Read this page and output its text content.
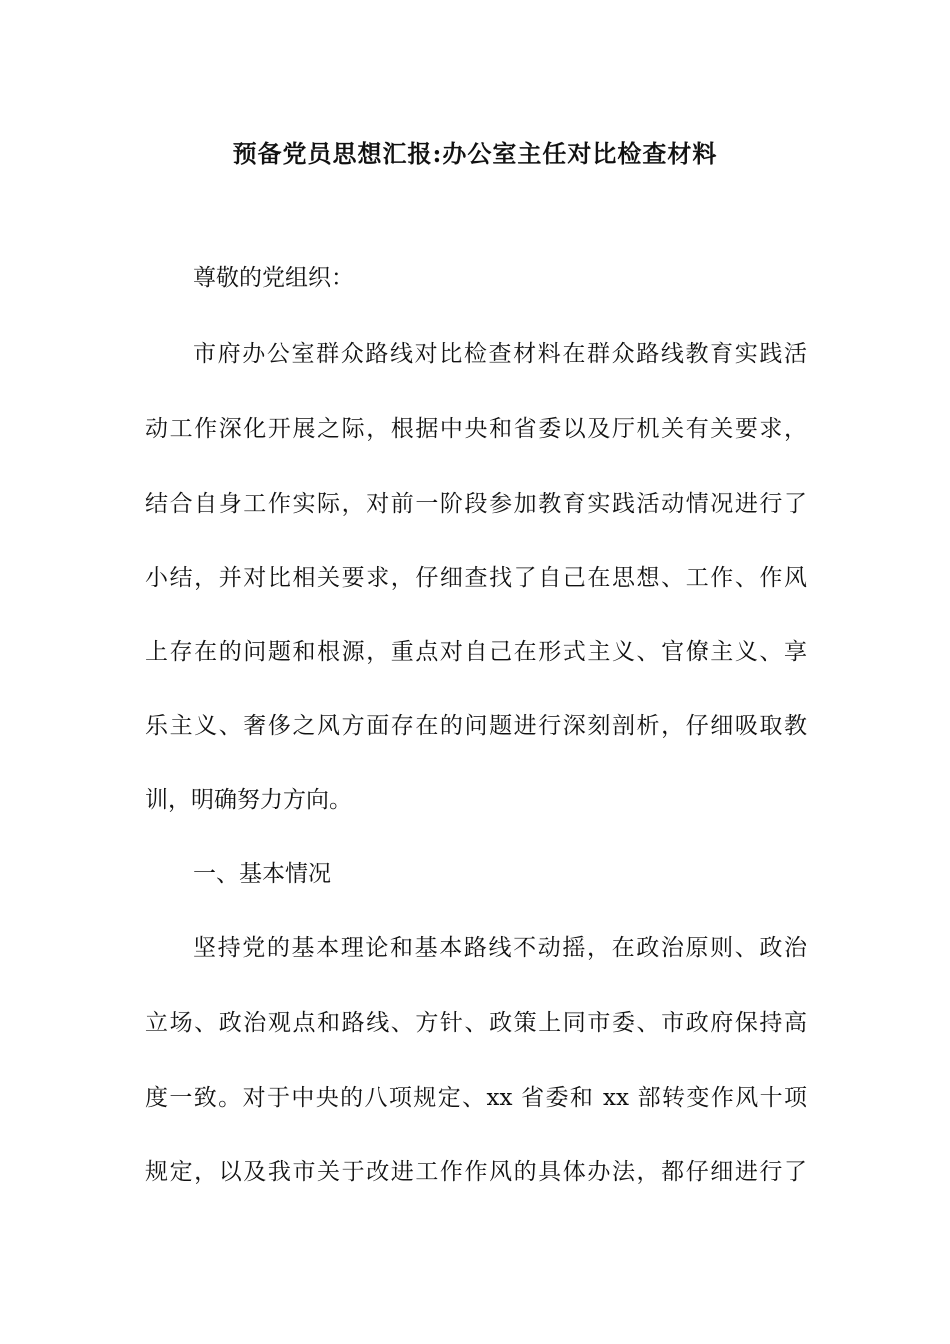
预备党员思想汇报:办公室主任对比检查材料
尊敬的党组织：
市府办公室群众路线对比检查材料在群众路线教育实践活
动工作深化开展之际，根据中央和省委以及厅机关有关要求，
结合自身工作实际，对前一阶段参加教育实践活动情况进行了
小结，并对比相关要求，仔细查找了自己在思想、工作、作风
上存在的问题和根源，重点对自己在形式主义、官僚主义、享
乐主义、奢侈之风方面存在的问题进行深刻剖析，仔细吸取教
训，明确努力方向。
一、基本情况
坚持党的基本理论和基本路线不动摇，在政治原则、政治
立场、政治观点和路线、方针、政策上同市委、市政府保持高
度一致。对于中央的八项规定、xx 省委和 xx 部转变作风十项
规定，以及我市关于改进工作作风的具体办法，都仔细进行了
